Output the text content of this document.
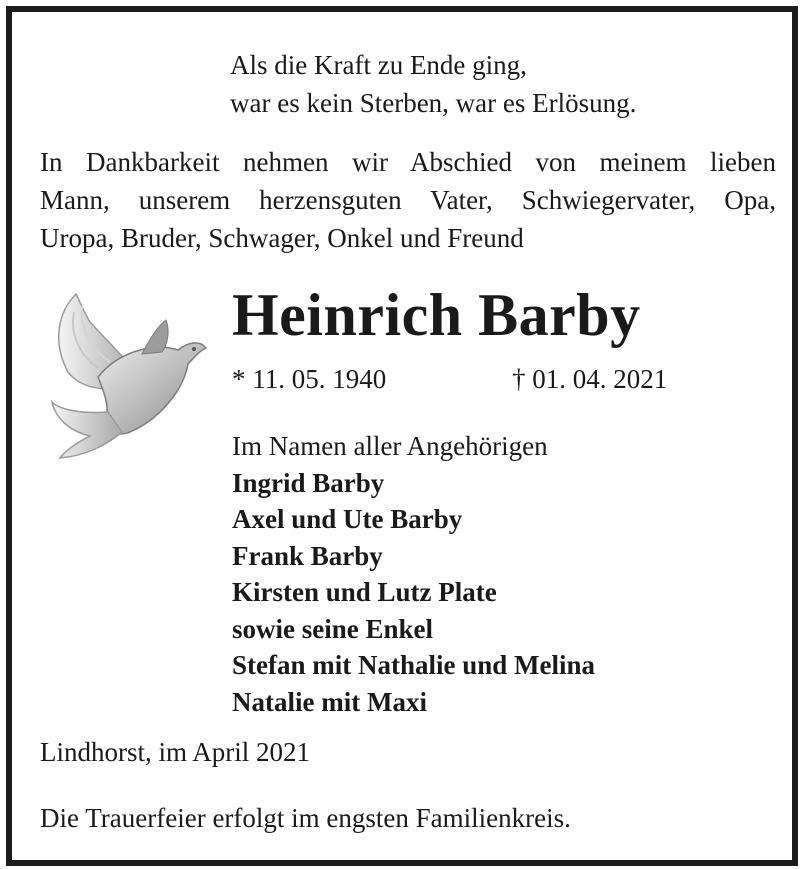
Als die Kraft zu Ende ging,
war es kein Sterben, war es Erlösung.
In Dankbarkeit nehmen wir Abschied von meinem lieben
Mann, unserem herzensguten Vater, Schwiegervater, Opa,
Uropa, Bruder, Schwager, Onkel und Freund
Heinrich Barby
* 11. 05. 1940	† 01. 04. 2021
Im Namen aller Angehörigen
Ingrid Barby
Axel und Ute Barby
Frank Barby
Kirsten und Lutz Plate
sowie seine Enkel
Stefan mit Nathalie und Melina
Natalie mit Maxi
Lindhorst, im April 2021
Die Trauerfeier erfolgt im engsten Familienkreis.
